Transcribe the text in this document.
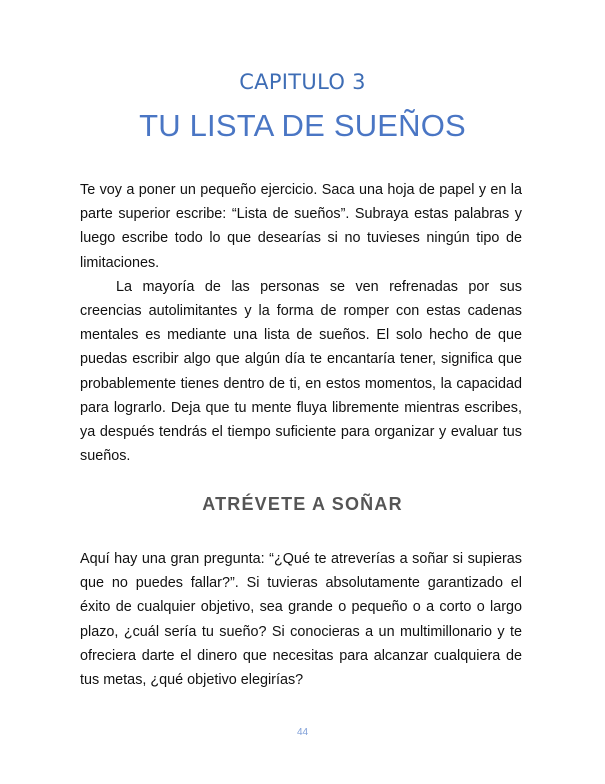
CAPITULO 3
TU LISTA DE SUEÑOS

Te voy a poner un pequeño ejercicio. Saca una hoja de papel y en la parte superior escribe: “Lista de sueños”. Subraya estas palabras y luego escribe todo lo que desearías si no tuvieses ningún tipo de limitaciones.

La mayoría de las personas se ven refrenadas por sus creencias autolimitantes y la forma de romper con estas cadenas mentales es mediante una lista de sueños. El solo hecho de que puedas escribir algo que algún día te encantaría tener, significa que probablemente tienes dentro de ti, en estos momentos, la capacidad para lograrlo. Deja que tu mente fluya libremente mientras escribes, ya después tendrás el tiempo suficiente para organizar y evaluar tus sueños.

ATRÉVETE A SOÑAR

Aquí hay una gran pregunta: “¿Qué te atreverías a soñar si supieras que no puedes fallar?”. Si tuvieras absolutamente garantizado el éxito de cualquier objetivo, sea grande o pequeño o a corto o largo plazo, ¿cuál sería tu sueño? Si conocieras a un multimillonario y te ofreciera darte el dinero que necesitas para alcanzar cualquiera de tus metas, ¿qué objetivo elegirías?

44
